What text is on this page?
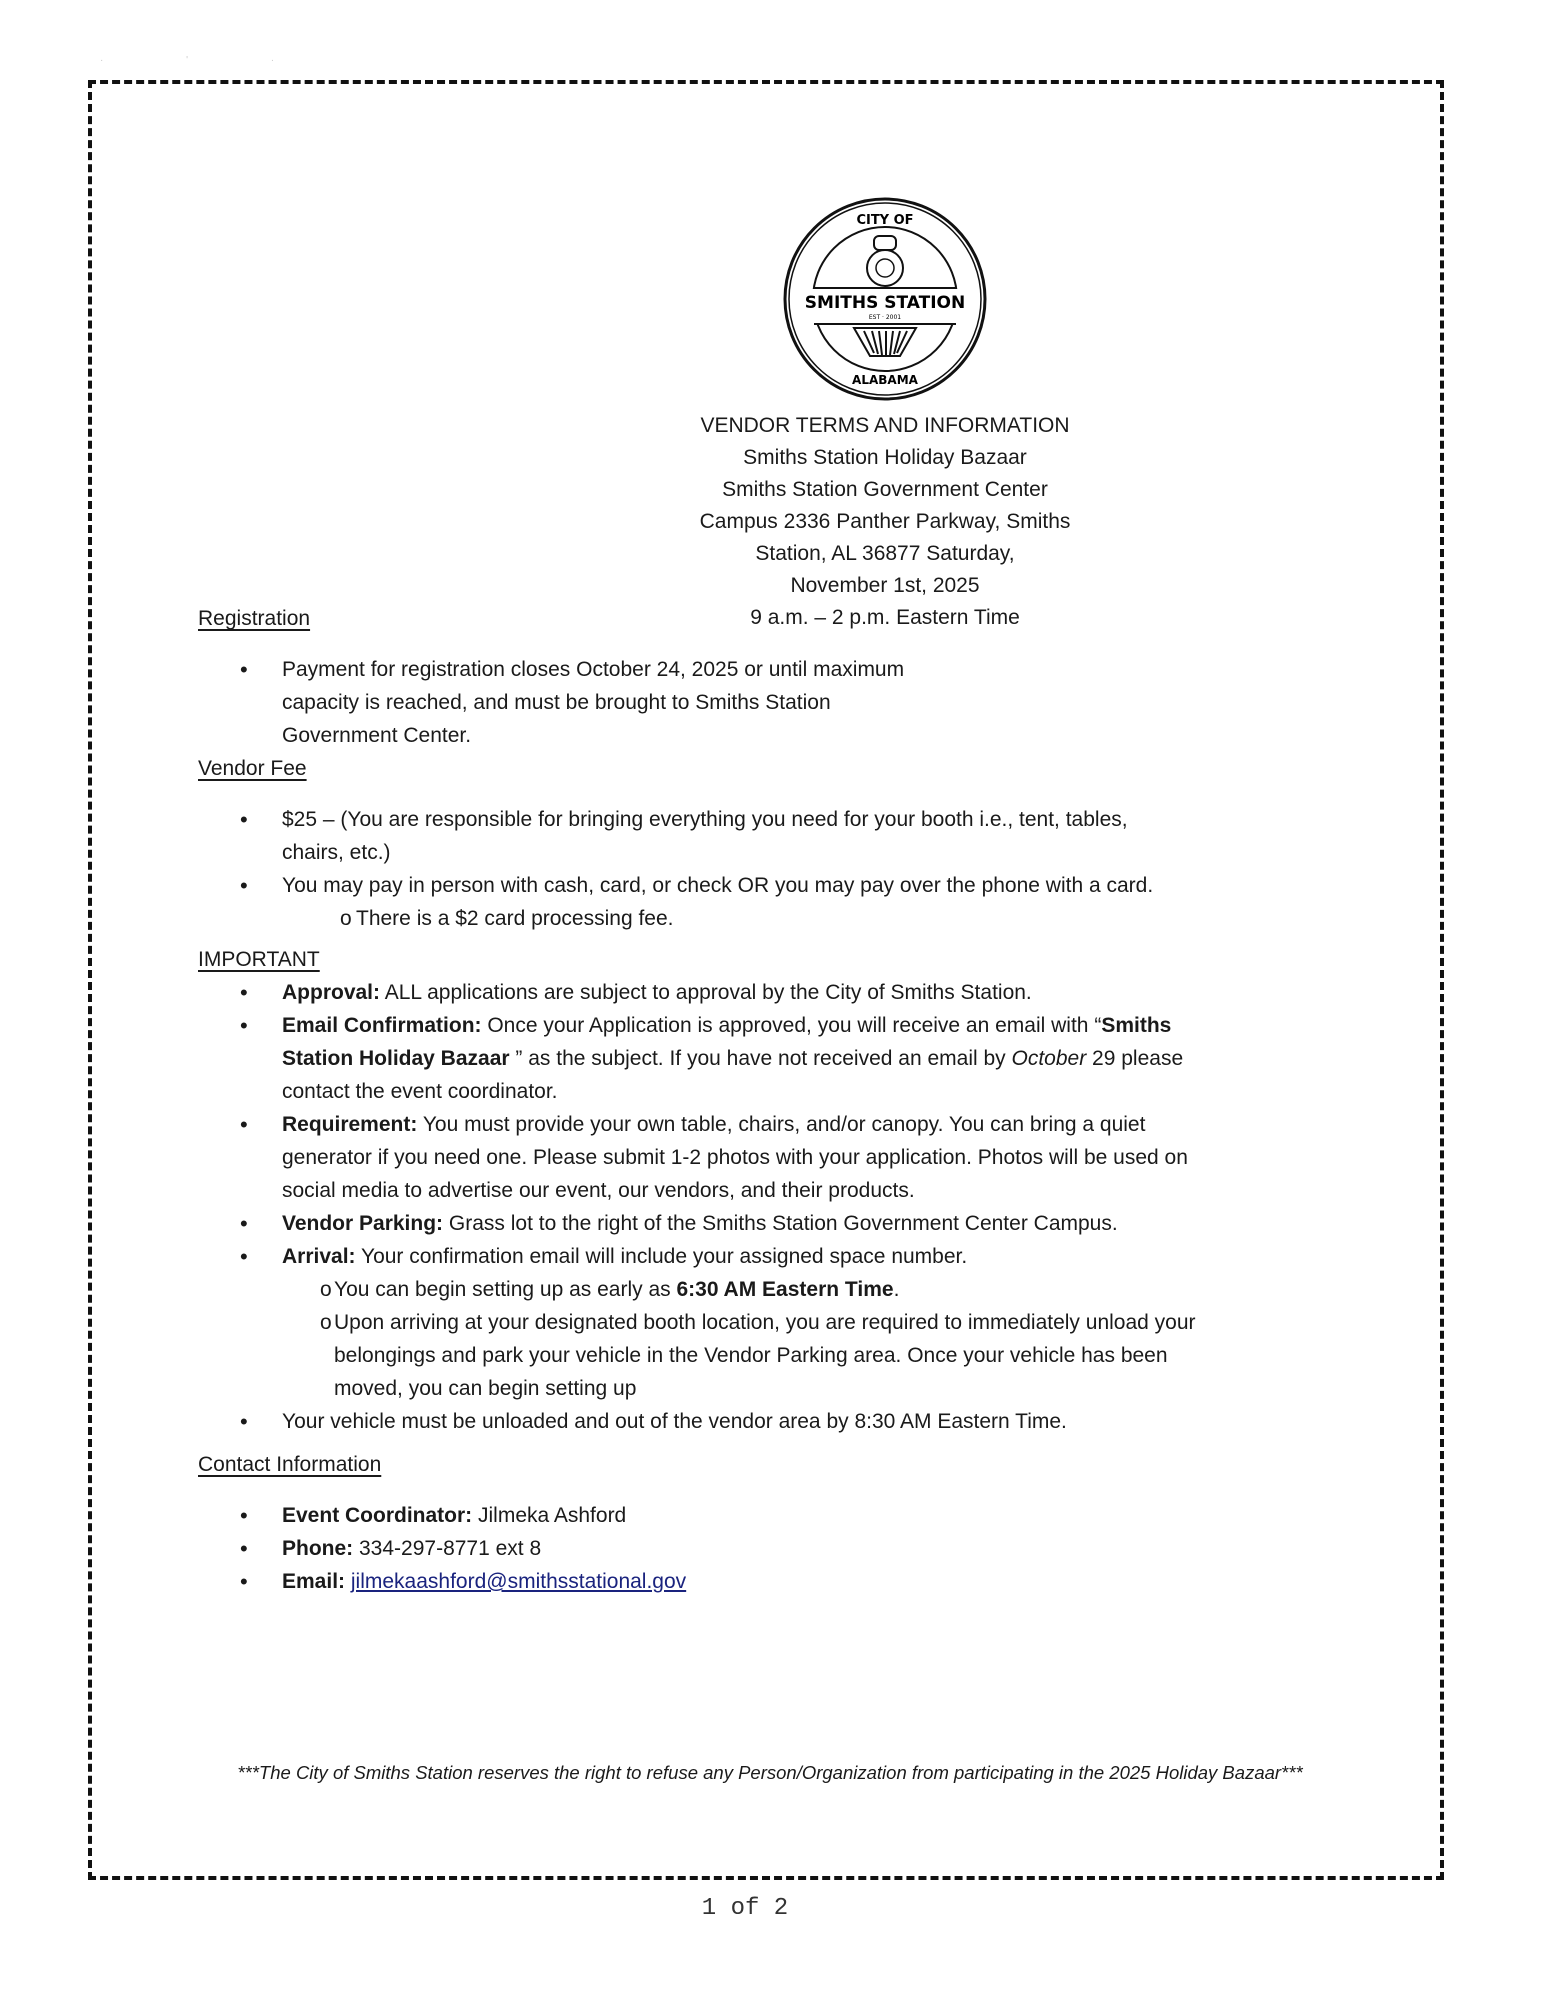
· ' ·
CITY OF
SMITHS STATION
EST · 2001
ALABAMA
VENDOR TERMS AND INFORMATION
Smiths Station Holiday Bazaar
Smiths Station Government Center
Campus 2336 Panther Parkway, Smiths
Station, AL 36877 Saturday,
November 1st, 2025
9 a.m. – 2 p.m. Eastern Time
Registration
• Payment for registration closes October 24, 2025 or until maximum
capacity is reached, and must be brought to Smiths Station
Government Center.
Vendor Fee
• $25 – (You are responsible for bringing everything you need for your booth i.e., tent, tables,
chairs, etc.)
• You may pay in person with cash, card, or check OR you may pay over the phone with a card.
o There is a $2 card processing fee.
IMPORTANT
• Approval: ALL applications are subject to approval by the City of Smiths Station.
• Email Confirmation: Once your Application is approved, you will receive an email with “Smiths
Station Holiday Bazaar ” as the subject. If you have not received an email by October 29 please
contact the event coordinator.
• Requirement: You must provide your own table, chairs, and/or canopy. You can bring a quiet
generator if you need one. Please submit 1-2 photos with your application. Photos will be used on
social media to advertise our event, our vendors, and their products.
• Vendor Parking: Grass lot to the right of the Smiths Station Government Center Campus.
• Arrival: Your confirmation email will include your assigned space number.
o You can begin setting up as early as 6:30 AM Eastern Time.
o Upon arriving at your designated booth location, you are required to immediately unload your
belongings and park your vehicle in the Vendor Parking area. Once your vehicle has been
moved, you can begin setting up
• Your vehicle must be unloaded and out of the vendor area by 8:30 AM Eastern Time.
Contact Information
• Event Coordinator: Jilmeka Ashford
• Phone: 334-297-8771 ext 8
• Email: jilmekaashford@smithsstational.gov
***The City of Smiths Station reserves the right to refuse any Person/Organization from participating in the 2025 Holiday Bazaar***
1 of 2
